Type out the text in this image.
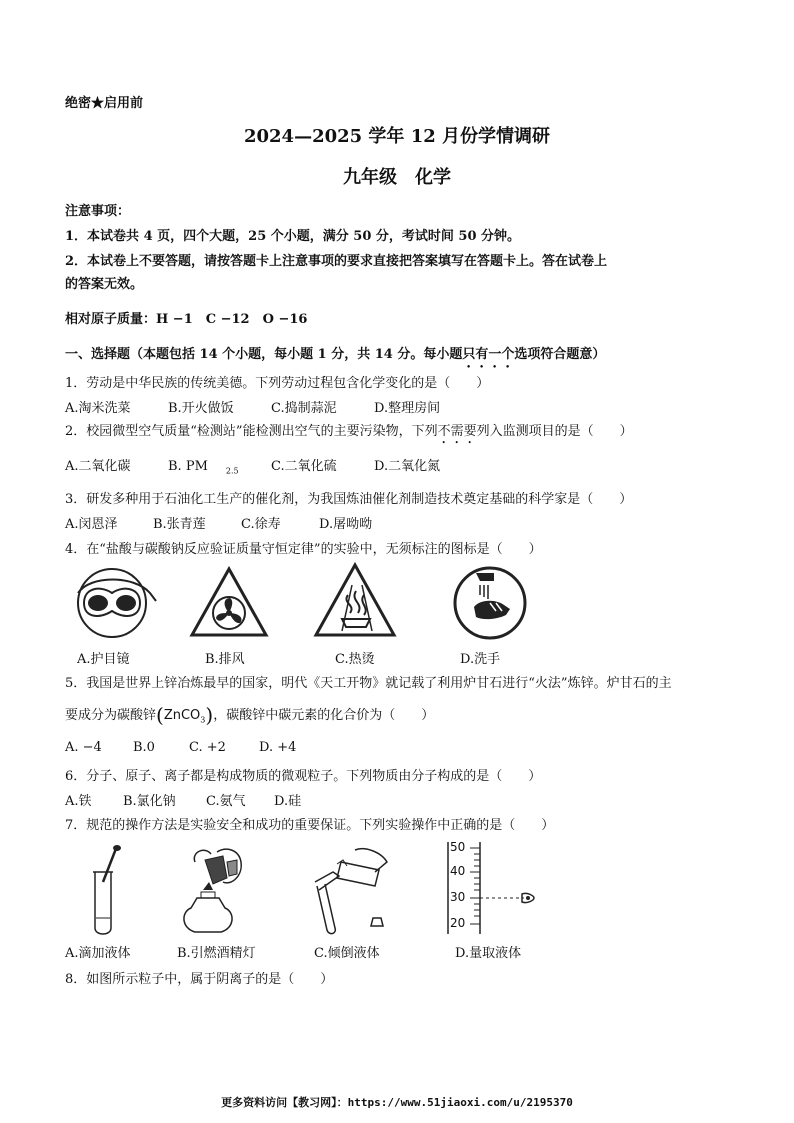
绝密★启用前
2024—2025 学年 12 月份学情调研
九年级　化学
注意事项：
1．本试卷共 4 页，四个大题，25 个小题，满分 50 分，考试时间 50 分钟。
2．本试卷上不要答题，请按答题卡上注意事项的要求直接把答案填写在答题卡上。答在试卷上
的答案无效。
相对原子质量：H −1　C −12　O −16
一、选择题（本题包括 14 个小题，每小题 1 分，共 14 分。每小题只有一个选项符合题意）
1．劳动是中华民族的传统美德。下列劳动过程包含化学变化的是（　　）
A.淘米洗菜	B.开火做饭	C.捣制蒜泥	D.整理房间
2．校园微型空气质量“检测站”能检测出空气的主要污染物，下列不需要列入监测项目的是（　　）
A.二氧化碳	B. PM $_{2.5}$ C.二氧化硫	D.二氧化氮
3．研发多种用于石油化工生产的催化剂，为我国炼油催化剂制造技术奠定基础的科学家是（　　）
A.闵恩泽	B.张青莲	C.徐寿	D.屠呦呦
4．在“盐酸与碳酸钠反应验证质量守恒定律”的实验中，无须标注的图标是（　　）
A.护目镜	B.排风	C.热烫	D.洗手
5．我国是世界上锌冶炼最早的国家，明代《天工开物》就记载了利用炉甘石进行“火法”炼锌。炉甘石的主
要成分为碳酸锌(ZnCO$_3$)，碳酸锌中碳元素的化合价为（　　）
A. −4 B.0	C. +2	D. +4
6．分子、原子、离子都是构成物质的微观粒子。下列物质由分子构成的是（　　）
A.铁 B.氯化钠 C.氨气 D.硅
7．规范的操作方法是实验安全和成功的重要保证。下列实验操作中正确的是（　　）
50
40
30
20
A.滴加液体	B.引燃酒精灯	C.倾倒液体	D.量取液体
8．如图所示粒子中，属于阴离子的是（　　）
更多资料访问【教习网】：https://www.51jiaoxi.com/u/2195370
